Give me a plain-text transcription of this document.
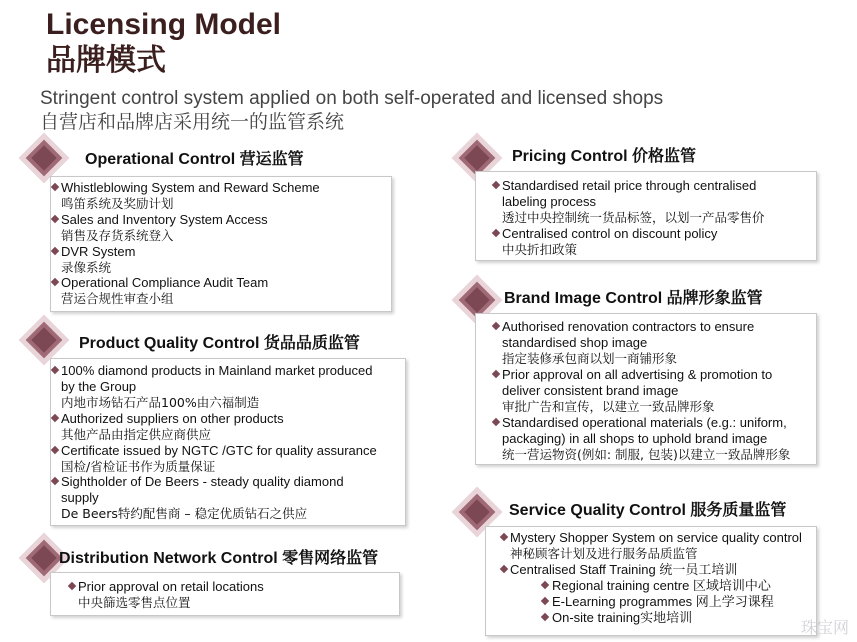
Licensing Model
品牌模式
Stringent control system applied on both self-operated and licensed shops
自营店和品牌店采用统一的监管系统
Operational Control 营运监管
Whistleblowing System and Reward Scheme
鸣笛系统及奖励计划
Sales and Inventory System Access
销售及存货系统登入
DVR System
录像系统
Operational Compliance Audit Team
营运合规性审查小组
Product Quality Control 货品品质监管
100% diamond products in Mainland market produced
by the Group
内地市场钻石产品100%由六福制造
Authorized suppliers on other products
其他产品由指定供应商供应
Certificate issued by NGTC /GTC for quality assurance
国检/省检证书作为质量保证
Sightholder of De Beers - steady quality diamond
supply
De Beers特约配售商 – 稳定优质钻石之供应
Distribution Network Control 零售网络监管
Prior approval on retail locations
中央篩选零售点位置
Pricing Control 价格监管
Standardised retail price through centralised
labeling process
透过中央控制统一货品标签，以划一产品零售价
Centralised control on discount policy
中央折扣政策
Brand Image Control 品牌形象监管
Authorised renovation contractors to ensure
standardised shop image
指定装修承包商以划一商铺形象
Prior approval on all advertising & promotion to
deliver consistent brand image
审批广告和宣传，以建立一致品牌形象
Standardised operational materials (e.g.: uniform,
packaging) in all shops to uphold brand image
统一营运物资(例如: 制服, 包装)以建立一致品牌形象
Service Quality Control 服务质量监管
Mystery Shopper System on service quality control
神秘顾客计划及进行服务品质监管
Centralised Staff Training 统一员工培训
Regional training centre 区域培训中心
E-Learning programmes 网上学习课程
On-site training实地培训
珠宝网
